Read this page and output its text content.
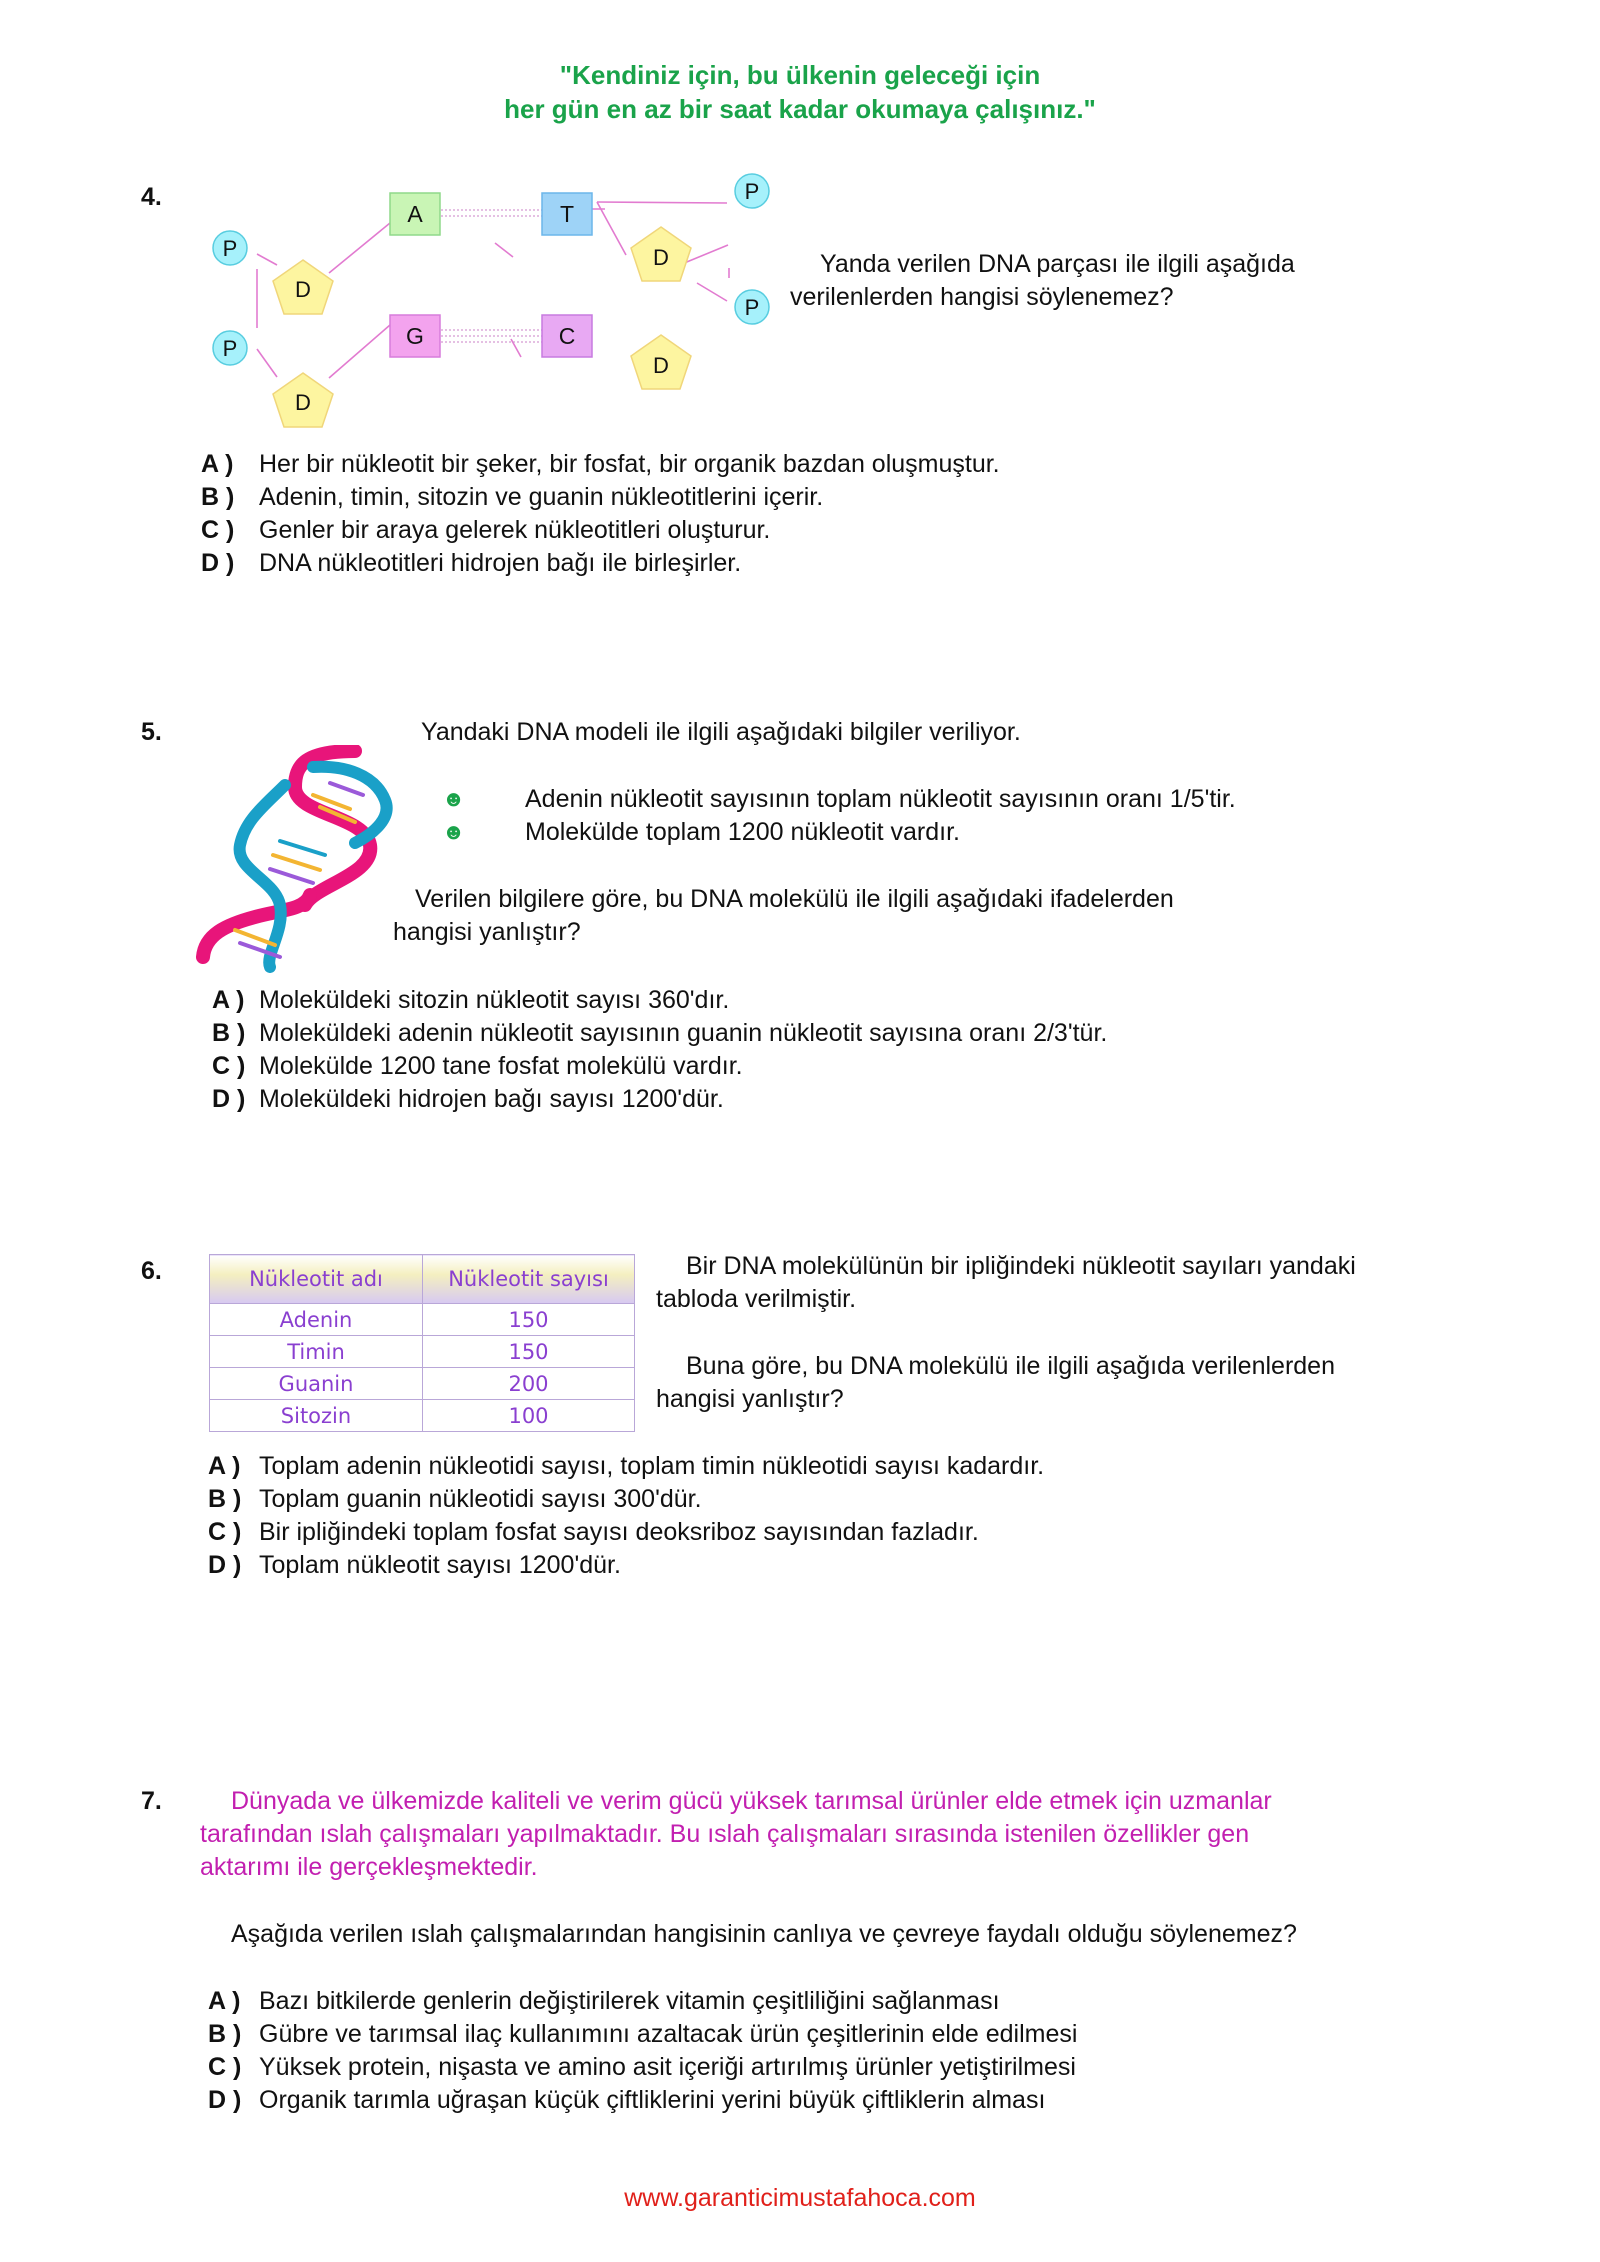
"Kendiniz için, bu ülkenin geleceği için
her gün en az bir saat kadar okumaya çalışınız."
4.
D
D
D
D
P
P
P
P
A	T
G	C
Yanda verilen DNA parçası ile ilgili aşağıda
verilenlerden hangisi söylenemez?
A ) Her bir nükleotit bir şeker, bir fosfat, bir organik bazdan oluşmuştur.
B ) Adenin, timin, sitozin ve guanin nükleotitlerini içerir.
C ) Genler bir araya gelerek nükleotitleri oluşturur.
D ) DNA nükleotitleri hidrojen bağı ile birleşirler.
5.	Yandaki DNA modeli ile ilgili aşağıdaki bilgiler veriliyor.
☻ Adenin nükleotit sayısının toplam nükleotit sayısının oranı 1/5'tir.
☻ Molekülde toplam 1200 nükleotit vardır.
Verilen bilgilere göre, bu DNA molekülü ile ilgili aşağıdaki ifadelerden
hangisi yanlıştır?
A ) Moleküldeki sitozin nükleotit sayısı 360'dır.
B ) Moleküldeki adenin nükleotit sayısının guanin nükleotit sayısına oranı 2/3'tür.
C ) Molekülde 1200 tane fosfat molekülü vardır.
D ) Moleküldeki hidrojen bağı sayısı 1200'dür.
6.	Nükleotit adı	Nükleotit sayısı
Adenin	150
Timin	150
Guanin	200
Sitozin	100
Bir DNA molekülünün bir ipliğindeki nükleotit sayıları yandaki
tabloda verilmiştir.
Buna göre, bu DNA molekülü ile ilgili aşağıda verilenlerden
hangisi yanlıştır?
A ) Toplam adenin nükleotidi sayısı, toplam timin nükleotidi sayısı kadardır.
B ) Toplam guanin nükleotidi sayısı 300'dür.
C ) Bir ipliğindeki toplam fosfat sayısı deoksriboz sayısından fazladır.
D ) Toplam nükleotit sayısı 1200'dür.
7.	Dünyada ve ülkemizde kaliteli ve verim gücü yüksek tarımsal ürünler elde etmek için uzmanlar
tarafından ıslah çalışmaları yapılmaktadır. Bu ıslah çalışmaları sırasında istenilen özellikler gen
aktarımı ile gerçekleşmektedir.
Aşağıda verilen ıslah çalışmalarından hangisinin canlıya ve çevreye faydalı olduğu söylenemez?
A ) Bazı bitkilerde genlerin değiştirilerek vitamin çeşitliliğini sağlanması
B ) Gübre ve tarımsal ilaç kullanımını azaltacak ürün çeşitlerinin elde edilmesi
C ) Yüksek protein, nişasta ve amino asit içeriği artırılmış ürünler yetiştirilmesi
D ) Organik tarımla uğraşan küçük çiftliklerini yerini büyük çiftliklerin alması
www.garanticimustafahoca.com
